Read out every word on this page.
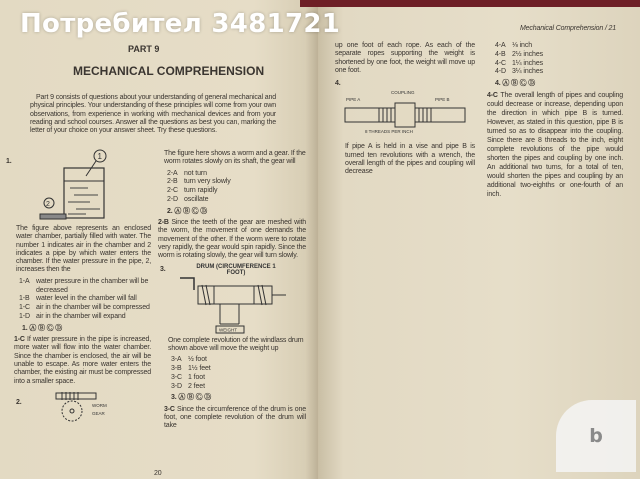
Потребител 3481721
PART 9
MECHANICAL COMPREHENSION
Part 9 consists of questions about your understanding of general mechanical and physical principles. Your understanding of these principles will come from your own observations, from experience in working with mechanical devices and from your reading and school courses. Answer all the questions as best you can, marking the letter of your choice on your answer sheet. Try these questions.
1.
1
2
The figure above represents an enclosed water chamber, partially filled with water. The number 1 indicates air in the chamber and 2 indicates a pipe by which water enters the chamber. If the water pressure in the pipe, 2, increases then the
1-A water pressure in the chamber will be decreased
1-B water level in the chamber will fall
1-C air in the chamber will be compressed
1-D air in the chamber will expand
1. Ⓐ Ⓑ Ⓒ Ⓓ
1-C If water pressure in the pipe is increased, more water will flow into the water chamber. Since the chamber is enclosed, the air will be unable to escape. As more water enters the chamber, the existing air must be compressed into a smaller space.
2.	WORM
GEAR
The figure here shows a worm and a gear. If the worm rotates slowly on its shaft, the gear will
2-A not turn
2-B turn very slowly
2-C turn rapidly
2-D oscillate
2. Ⓐ Ⓑ Ⓒ Ⓓ
2-B Since the teeth of the gear are meshed with the worm, the movement of one demands the movement of the other. If the worm were to rotate very rapidly, the gear would spin rapidly. Since the worm is rotating slowly, the gear will turn slowly.
3.	DRUM (CIRCUMFERENCE 1 FOOT)
WEIGHT
One complete revolution of the windlass drum shown above will move the weight up
3-A ½ foot
3-B 1½ feet
3-C 1 foot
3-D 2 feet
3. Ⓐ Ⓑ Ⓒ Ⓓ
3-C Since the circumference of the drum is one foot, one complete revolution of the drum will take
20
Mechanical Comprehension / 21
up one foot of each rope. As each of the separate ropes supporting the weight is shortened by one foot, the weight will move up one foot.
4.
COUPLING
PIPE A	PIPE B
8 THREADS PER INCH
If pipe A is held in a vise and pipe B is turned ten revolutions with a wrench, the overall length of the pipes and coupling will decrease
4-A ⅛ inch
4-B 2½ inches
4-C 1¼ inches
4-D 3¼ inches
4. Ⓐ Ⓑ Ⓒ Ⓓ
4-C The overall length of pipes and coupling could decrease or increase, depending upon the direction in which pipe B is turned. However, as stated in this question, pipe B is turned so as to disappear into the coupling. Since there are 8 threads to the inch, eight complete revolutions of the pipe would shorten the pipes and coupling by one inch. An additional two turns, for a total of ten, would shorten the pipes and coupling by an additional two-eighths or one-fourth of an inch.
b
